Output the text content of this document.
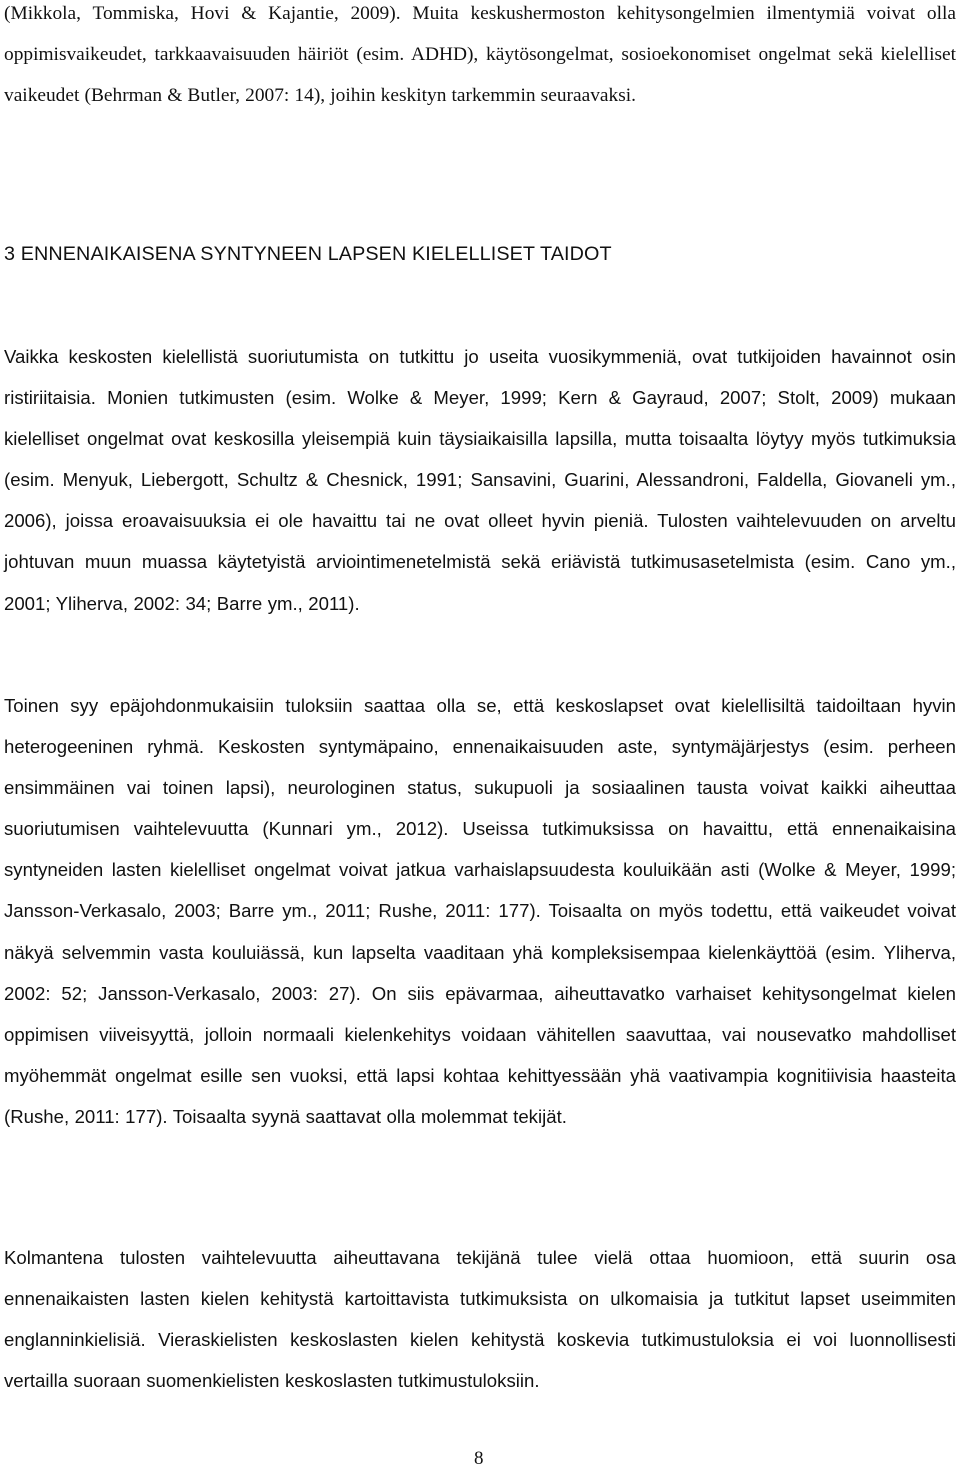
(Mikkola, Tommiska, Hovi & Kajantie, 2009). Muita keskushermoston kehitysongelmien ilmentymiä voivat olla oppimisvaikeudet, tarkkaavaisuuden häiriöt (esim. ADHD), käytösongelmat, sosioekonomiset ongelmat sekä kielelliset vaikeudet (Behrman & Butler, 2007: 14), joihin keskityn tarkemmin seuraavaksi.

3 ENNENAIKAISENA SYNTYNEEN LAPSEN KIELELLISET TAIDOT

Vaikka keskosten kielellistä suoriutumista on tutkittu jo useita vuosikymmeniä, ovat tutkijoiden havainnot osin ristiriitaisia. Monien tutkimusten (esim. Wolke & Meyer, 1999; Kern & Gayraud, 2007; Stolt, 2009) mukaan kielelliset ongelmat ovat keskosilla yleisempiä kuin täysiaikaisilla lapsilla, mutta toisaalta löytyy myös tutkimuksia (esim. Menyuk, Liebergott, Schultz & Chesnick, 1991; Sansavini, Guarini, Alessandroni, Faldella, Giovaneli ym., 2006), joissa eroavaisuuksia ei ole havaittu tai ne ovat olleet hyvin pieniä. Tulosten vaihtelevuuden on arveltu johtuvan muun muassa käytetyistä arviointimenetelmistä sekä eriävistä tutkimusasetelmista (esim. Cano ym., 2001; Yliherva, 2002: 34; Barre ym., 2011).

Toinen syy epäjohdonmukaisiin tuloksiin saattaa olla se, että keskoslapset ovat kielellisiltä taidoiltaan hyvin heterogeeninen ryhmä. Keskosten syntymäpaino, ennenaikaisuuden aste, syntymäjärjestys (esim. perheen ensimmäinen vai toinen lapsi), neurologinen status, sukupuoli ja sosiaalinen tausta voivat kaikki aiheuttaa suoriutumisen vaihtelevuutta (Kunnari ym., 2012). Useissa tutkimuksissa on havaittu, että ennenaikaisina syntyneiden lasten kielelliset ongelmat voivat jatkua varhaislapsuudesta kouluikään asti (Wolke & Meyer, 1999; Jansson-Verkasalo, 2003; Barre ym., 2011; Rushe, 2011: 177). Toisaalta on myös todettu, että vaikeudet voivat näkyä selvemmin vasta kouluiässä, kun lapselta vaaditaan yhä kompleksisempaa kielenkäyttöä (esim. Yliherva, 2002: 52; Jansson-Verkasalo, 2003: 27). On siis epävarmaa, aiheuttavatko varhaiset kehitysongelmat kielen oppimisen viiveisyyttä, jolloin normaali kielenkehitys voidaan vähitellen saavuttaa, vai nousevatko mahdolliset myöhemmät ongelmat esille sen vuoksi, että lapsi kohtaa kehittyessään yhä vaativampia kognitiivisia haasteita (Rushe, 2011: 177). Toisaalta syynä saattavat olla molemmat tekijät.

Kolmantena tulosten vaihtelevuutta aiheuttavana tekijänä tulee vielä ottaa huomioon, että suurin osa ennenaikaisten lasten kielen kehitystä kartoittavista tutkimuksista on ulkomaisia ja tutkitut lapset useimmiten englanninkielisiä. Vieraskielisten keskoslasten kielen kehitystä koskevia tutkimustuloksia ei voi luonnollisesti vertailla suoraan suomenkielisten keskoslasten tutkimustuloksiin.

8
